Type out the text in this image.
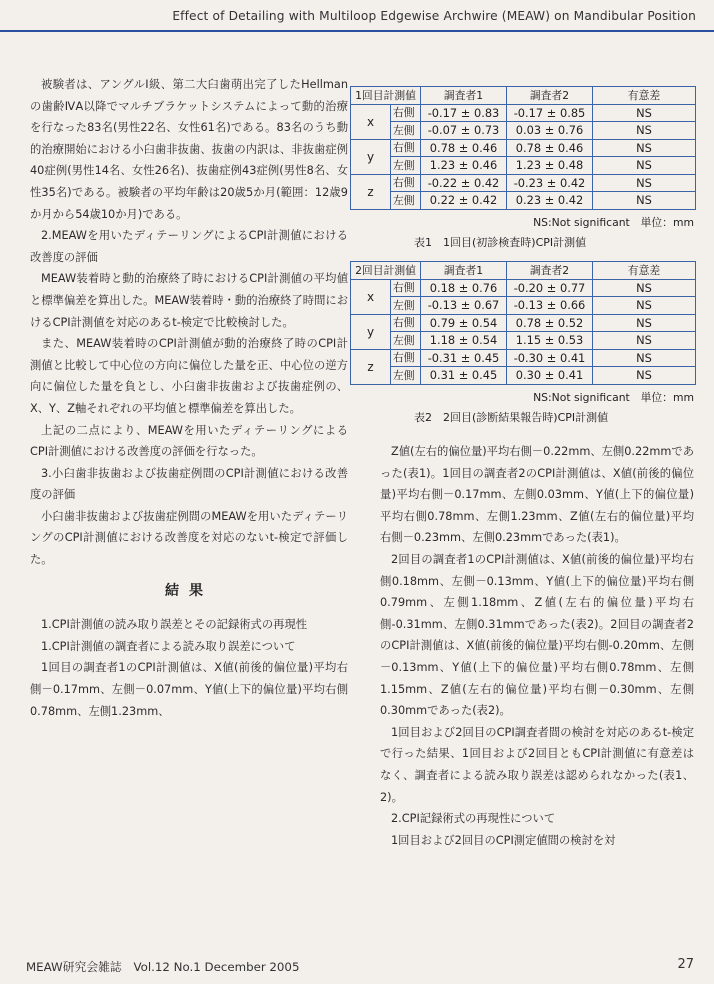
Effect of Detailing with Multiloop Edgewise Archwire (MEAW) on Mandibular Position

被験者は、アングルⅠ級、第二大臼歯萌出完了したHellmanの歯齢ⅣA以降でマルチブラケットシステムによって動的治療を行なった83名(男性22名、女性61名)である。83名のうち動的治療開始における小臼歯非抜歯、抜歯の内訳は、非抜歯症例40症例(男性14名、女性26名)、抜歯症例43症例(男性8名、女性35名)である。被験者の平均年齢は20歳5か月(範囲：12歳9か月から54歳10か月)である。

2.MEAWを用いたディテーリングによるCPI計測値における改善度の評価

MEAW装着時と動的治療終了時におけるCPI計測値の平均値と標準偏差を算出した。MEAW装着時・動的治療終了時間におけるCPI計測値を対応のあるt-検定で比較検討した。

また、MEAW装着時のCPI計測値が動的治療終了時のCPI計測値と比較して中心位の方向に偏位した量を正、中心位の逆方向に偏位した量を負とし、小臼歯非抜歯および抜歯症例の、X、Y、Z軸それぞれの平均値と標準偏差を算出した。

上記の二点により、MEAWを用いたディテーリングによるCPI計測値における改善度の評価を行なった。

3.小臼歯非抜歯および抜歯症例間のCPI計測値における改善度の評価

小臼歯非抜歯および抜歯症例間のMEAWを用いたディテーリングのCPI計測値における改善度を対応のないt-検定で評価した。

結果

1.CPI計測値の読み取り誤差とその記録術式の再現性

1.CPI計測値の調査者による読み取り誤差について

1回目の調査者1のCPI計測値は、X値(前後的偏位量)平均右側－0.17mm、左側－0.07mm、Y値(上下的偏位量)平均右側0.78mm、左側1.23mm、

1回目計測値		調査者1	調査者2	有意差
x	右側	-0.17 ± 0.83	-0.17 ± 0.85	NS
	左側	-0.07 ± 0.73	0.03 ± 0.76	NS
y	右側	0.78 ± 0.46	0.78 ± 0.46	NS
	左側	1.23 ± 0.46	1.23 ± 0.48	NS
z	右側	-0.22 ± 0.42	-0.23 ± 0.42	NS
	左側	0.22 ± 0.42	0.23 ± 0.42	NS
NS:Not significant　単位：mm
表1　1回目(初診検査時)CPI計測値
2回目計測値		調査者1	調査者2	有意差
x	右側	0.18 ± 0.76	-0.20 ± 0.77	NS
	左側	-0.13 ± 0.67	-0.13 ± 0.66	NS
y	右側	0.79 ± 0.54	0.78 ± 0.52	NS
	左側	1.18 ± 0.54	1.15 ± 0.53	NS
z	右側	-0.31 ± 0.45	-0.30 ± 0.41	NS
	左側	0.31 ± 0.45	0.30 ± 0.41	NS
NS:Not significant　単位：mm
表2　2回目(診断結果報告時)CPI計測値

Z値(左右的偏位量)平均右側－0.22mm、左側0.22mmであった(表1)。1回目の調査者2のCPI計測値は、X値(前後的偏位量)平均右側－0.17mm、左側0.03mm、Y値(上下的偏位量)平均右側0.78mm、左側1.23mm、Z値(左右的偏位量)平均右側－0.23mm、左側0.23mmであった(表1)。

2回目の調査者1のCPI計測値は、X値(前後的偏位量)平均右側0.18mm、左側－0.13mm、Y値(上下的偏位量)平均右側0.79mm、左側1.18mm、Z値(左右的偏位量)平均右側-0.31mm、左側0.31mmであった(表2)。2回目の調査者2のCPI計測値は、X値(前後的偏位量)平均右側-0.20mm、左側－0.13mm、Y値(上下的偏位量)平均右側0.78mm、左側1.15mm、Z値(左右的偏位量)平均右側－0.30mm、左側0.30mmであった(表2)。

1回目および2回目のCPI調査者間の検討を対応のあるt-検定で行った結果、1回目および2回目ともCPI計測値に有意差はなく、調査者による読み取り誤差は認められなかった(表1、2)。

2.CPI記録術式の再現性について

1回目および2回目のCPI測定値間の検討を対

MEAW研究会雑誌　Vol.12 No.1 December 2005	27
